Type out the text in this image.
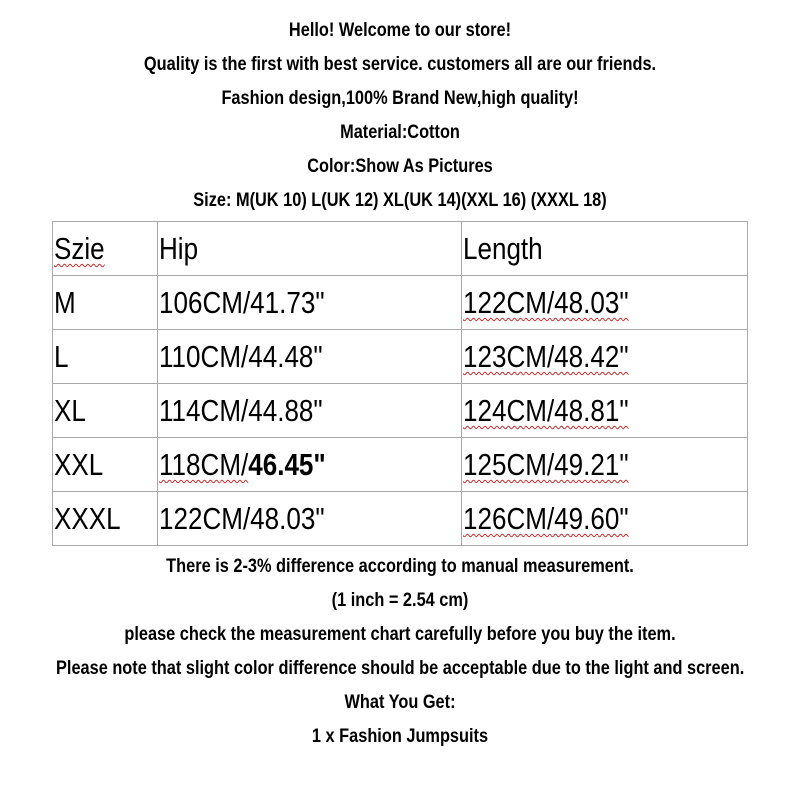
Hello! Welcome to our store!
Quality is the first with best service. customers all are our friends.
Fashion design,100% Brand New,high quality!
Material:Cotton
Color:Show As Pictures
Size: M(UK 10) L(UK 12) XL(UK 14)(XXL 16) (XXXL 18)
Szie	Hip	Length
M	106CM/41.73"	122CM/48.03"
L	110CM/44.48"	123CM/48.42"
XL	114CM/44.88"	124CM/48.81"
XXL	118CM/46.45"	125CM/49.21"
XXXL	122CM/48.03"	126CM/49.60"
There is 2-3% difference according to manual measurement.
(1 inch = 2.54 cm)
please check the measurement chart carefully before you buy the item.
Please note that slight color difference should be acceptable due to the light and screen.
What You Get:
1 x Fashion Jumpsuits
